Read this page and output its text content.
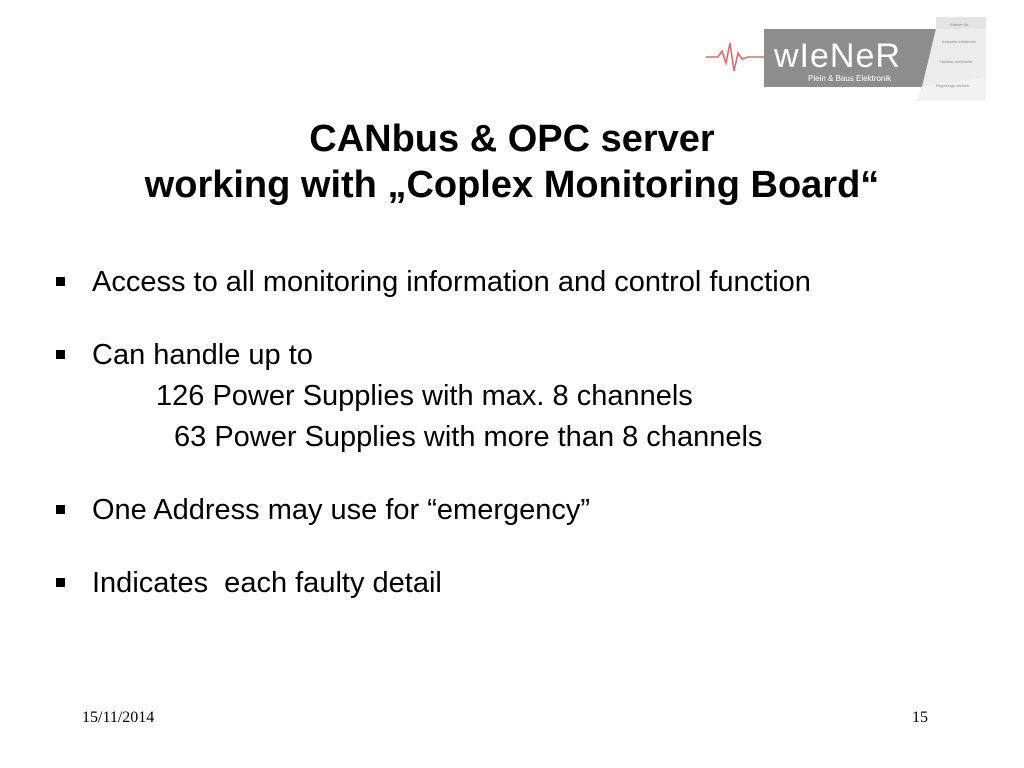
wIeNeR
Plein & Baus Elektronik
Wiener für
Industrie-elektronik
Nuklear-elektronik
Regelungs-technik
CANbus & OPC server
working with „Coplex Monitoring Board“
Access to all monitoring information and control function
Can handle up to
126 Power Supplies with max. 8 channels
63 Power Supplies with more than 8 channels
One Address may use for “emergency”
Indicates  each faulty detail
15/11/2014	15
